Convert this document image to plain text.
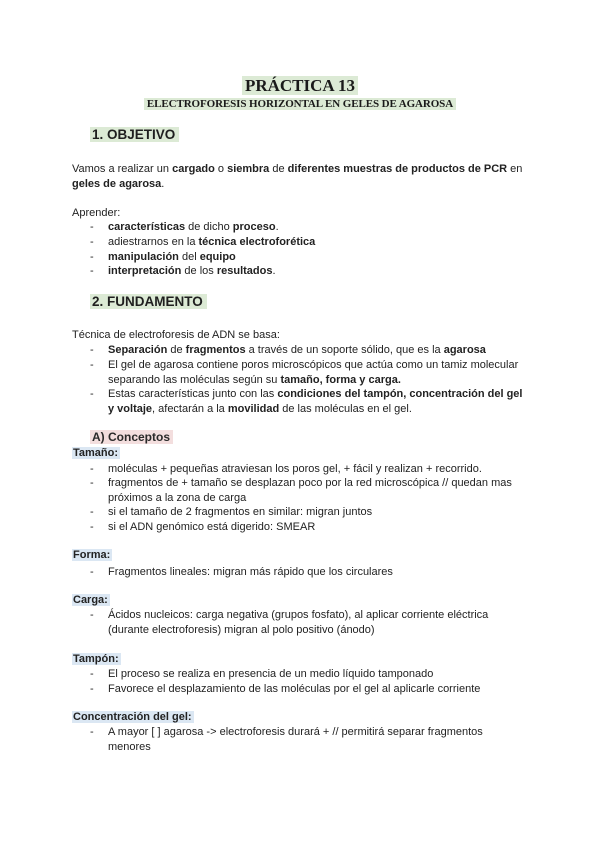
PRÁCTICA 13
ELECTROFORESIS HORIZONTAL EN GELES DE AGAROSA
1. OBJETIVO
Vamos a realizar un cargado o siembra de diferentes muestras de productos de PCR en geles de agarosa.
Aprender:
- características de dicho proceso.
- adiestrarnos en la técnica electroforética
- manipulación del equipo
- interpretación de los resultados.
2. FUNDAMENTO
Técnica de electroforesis de ADN se basa:
- Separación de fragmentos a través de un soporte sólido, que es la agarosa
- El gel de agarosa contiene poros microscópicos que actúa como un tamiz molecular separando las moléculas según su tamaño, forma y carga.
- Estas características junto con las condiciones del tampón, concentración del gel y voltaje, afectarán a la movilidad de las moléculas en el gel.
A) Conceptos
Tamaño:
- moléculas + pequeñas atraviesan los poros gel, + fácil y realizan + recorrido.
- fragmentos de + tamaño se desplazan poco por la red microscópica // quedan mas próximos a la zona de carga
- si el tamaño de 2 fragmentos en similar: migran juntos
- si el ADN genómico está digerido: SMEAR
Forma:
- Fragmentos lineales: migran más rápido que los circulares
Carga:
- Ácidos nucleicos: carga negativa (grupos fosfato), al aplicar corriente eléctrica (durante electroforesis) migran al polo positivo (ánodo)
Tampón:
- El proceso se realiza en presencia de un medio líquido tamponado
- Favorece el desplazamiento de las moléculas por el gel al aplicarle corriente
Concentración del gel:
- A mayor [ ] agarosa -> electroforesis durará + // permitirá separar fragmentos menores
